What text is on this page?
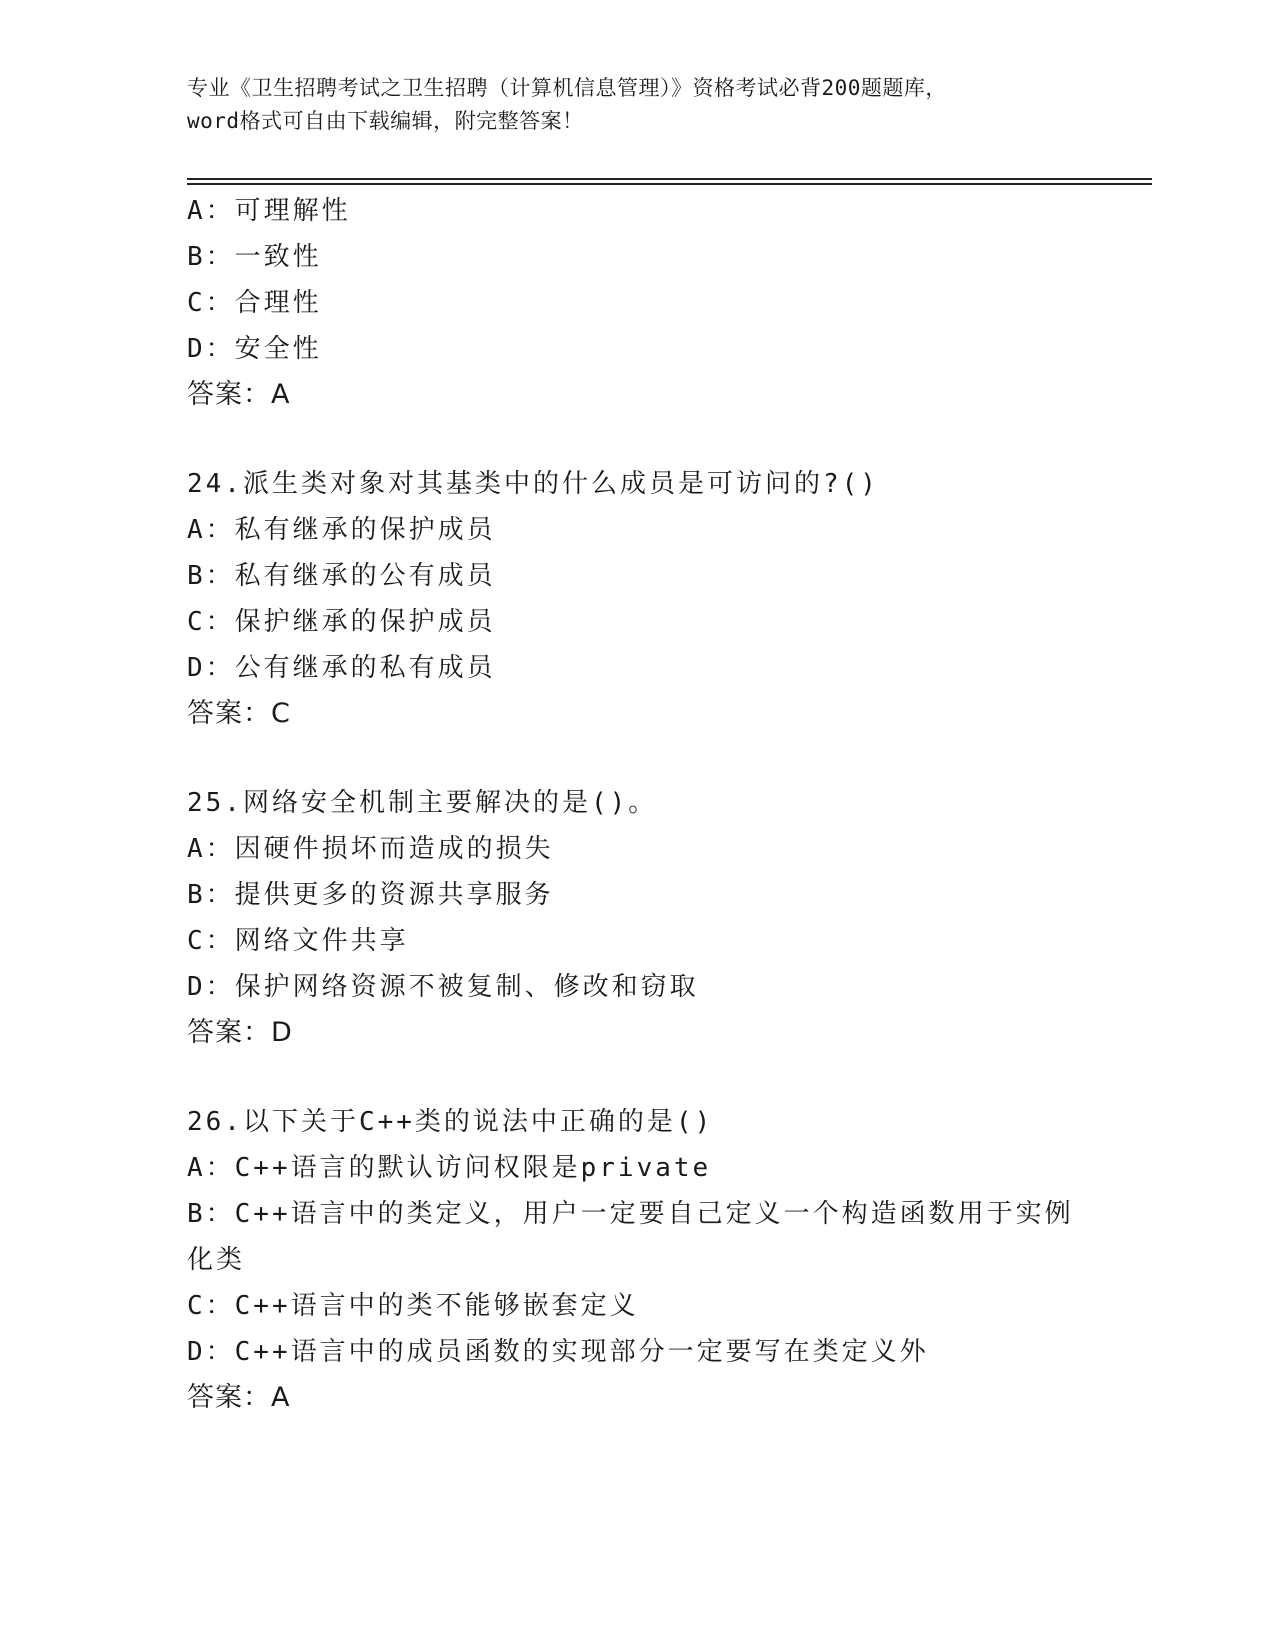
专业《卫生招聘考试之卫生招聘（计算机信息管理）》资格考试必背200题题库，
word格式可自由下载编辑，附完整答案！
A：可理解性
B：一致性
C：合理性
D：安全性
答案：A
24.派生类对象对其基类中的什么成员是可访问的?()
A：私有继承的保护成员
B：私有继承的公有成员
C：保护继承的保护成员
D：公有继承的私有成员
答案：C
25.网络安全机制主要解决的是()。
A：因硬件损坏而造成的损失
B：提供更多的资源共享服务
C：网络文件共享
D：保护网络资源不被复制、修改和窃取
答案：D
26.以下关于C++类的说法中正确的是()
A：C++语言的默认访问权限是private
B：C++语言中的类定义，用户一定要自己定义一个构造函数用于实例
化类
C：C++语言中的类不能够嵌套定义
D：C++语言中的成员函数的实现部分一定要写在类定义外
答案：A
